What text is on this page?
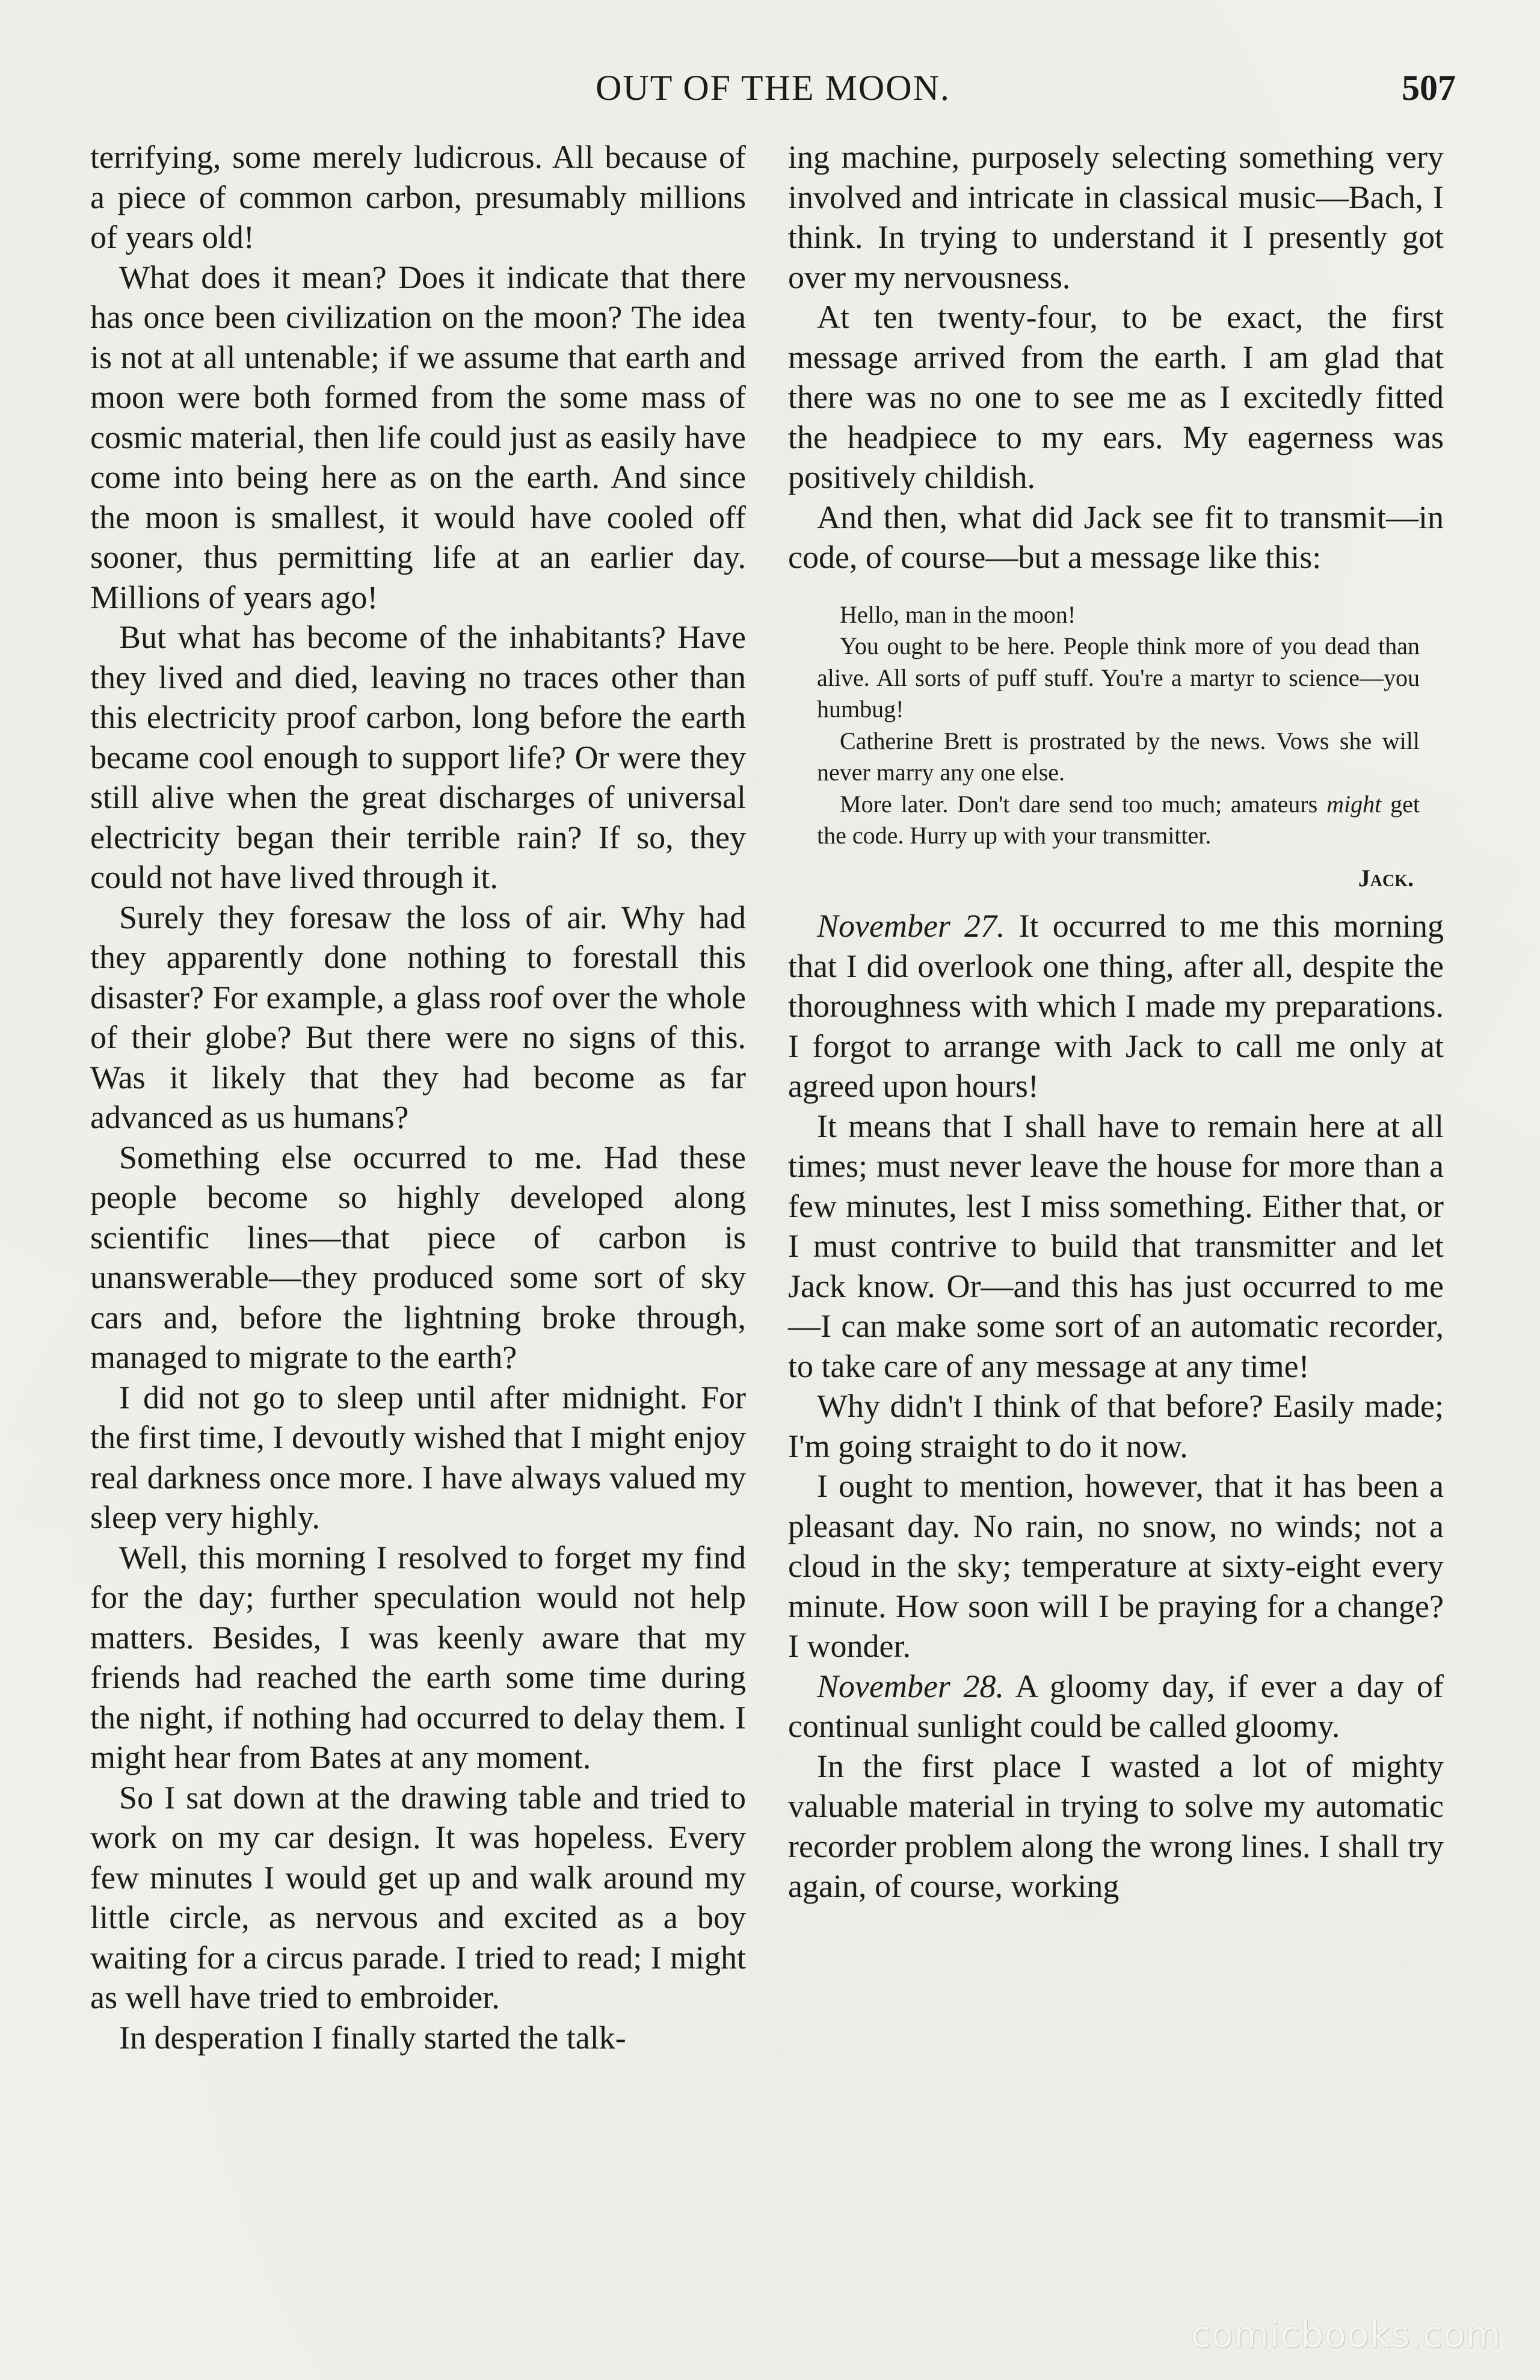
OUT OF THE MOON.	507

terrifying, some merely ludicrous. All because of a piece of common carbon, presumably millions of years old!

What does it mean? Does it indicate that there has once been civilization on the moon? The idea is not at all untenable; if we assume that earth and moon were both formed from the some mass of cosmic material, then life could just as easily have come into being here as on the earth. And since the moon is smallest, it would have cooled off sooner, thus permitting life at an earlier day. Millions of years ago!

But what has become of the inhabitants? Have they lived and died, leaving no traces other than this electricity proof carbon, long before the earth became cool enough to support life? Or were they still alive when the great discharges of universal electricity began their terrible rain? If so, they could not have lived through it.

Surely they foresaw the loss of air. Why had they apparently done nothing to forestall this disaster? For example, a glass roof over the whole of their globe? But there were no signs of this. Was it likely that they had become as far advanced as us humans?

Something else occurred to me. Had these people become so highly developed along scientific lines—that piece of carbon is unanswerable—they produced some sort of sky cars and, before the lightning broke through, managed to migrate to the earth?

I did not go to sleep until after midnight. For the first time, I devoutly wished that I might enjoy real darkness once more. I have always valued my sleep very highly.

Well, this morning I resolved to forget my find for the day; further speculation would not help matters. Besides, I was keenly aware that my friends had reached the earth some time during the night, if nothing had occurred to delay them. I might hear from Bates at any moment.

So I sat down at the drawing table and tried to work on my car design. It was hopeless. Every few minutes I would get up and walk around my little circle, as nervous and excited as a boy waiting for a circus parade. I tried to read; I might as well have tried to embroider.

In desperation I finally started the talk-

ing machine, purposely selecting something very involved and intricate in classical music—Bach, I think. In trying to understand it I presently got over my nervousness.

At ten twenty-four, to be exact, the first message arrived from the earth. I am glad that there was no one to see me as I excitedly fitted the headpiece to my ears. My eagerness was positively childish.

And then, what did Jack see fit to transmit—in code, of course—but a message like this:

Hello, man in the moon!

You ought to be here. People think more of you dead than alive. All sorts of puff stuff. You're a martyr to science—you humbug!

Catherine Brett is prostrated by the news. Vows she will never marry any one else.

More later. Don't dare send too much; amateurs might get the code. Hurry up with your transmitter.

Jack.

November 27. It occurred to me this morning that I did overlook one thing, after all, despite the thoroughness with which I made my preparations. I forgot to arrange with Jack to call me only at agreed upon hours!

It means that I shall have to remain here at all times; must never leave the house for more than a few minutes, lest I miss something. Either that, or I must contrive to build that transmitter and let Jack know. Or—and this has just occurred to me—I can make some sort of an automatic recorder, to take care of any message at any time!

Why didn't I think of that before? Easily made; I'm going straight to do it now.

I ought to mention, however, that it has been a pleasant day. No rain, no snow, no winds; not a cloud in the sky; temperature at sixty-eight every minute. How soon will I be praying for a change? I wonder.

November 28. A gloomy day, if ever a day of continual sunlight could be called gloomy.

In the first place I wasted a lot of mighty valuable material in trying to solve my automatic recorder problem along the wrong lines. I shall try again, of course, working

comicbooks.com
